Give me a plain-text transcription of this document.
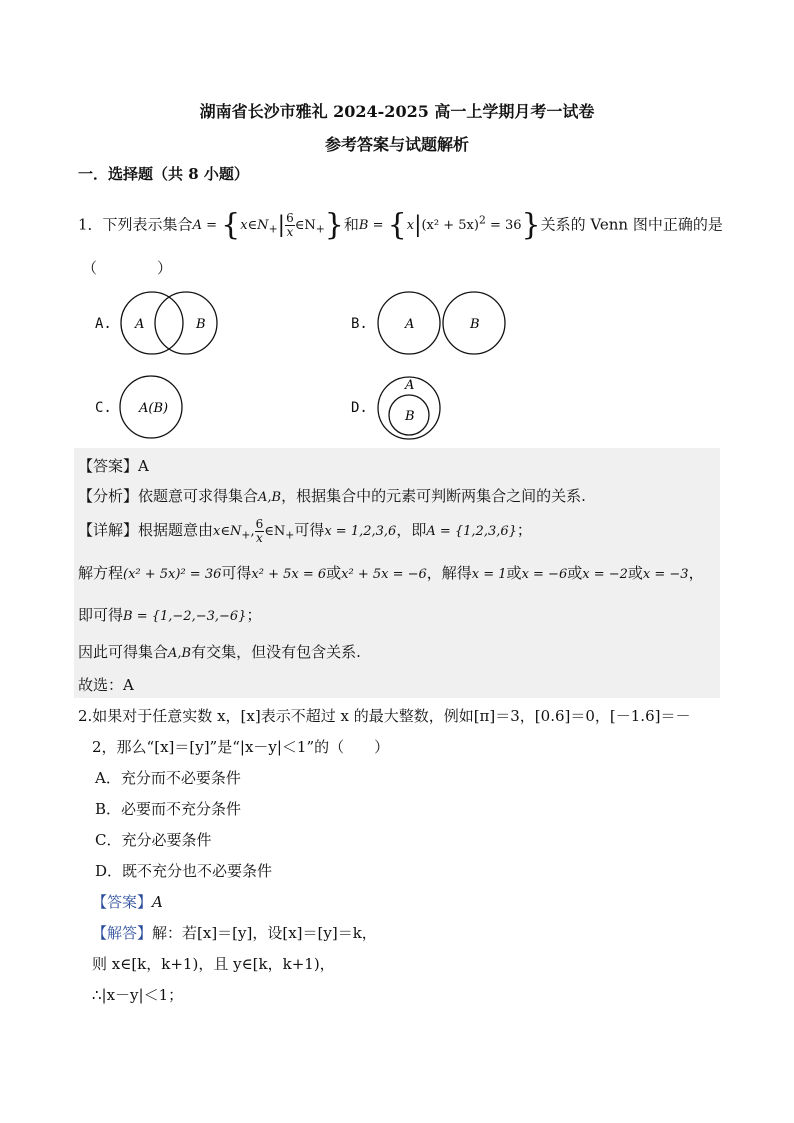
湖南省长沙市雅礼 2024-2025 高一上学期月考一试卷
参考答案与试题解析
一．选择题（共 8 小题）
1．下列表示集合$A = \{x\in N_+| \frac{6}{x}$ $\in N_+$}和$B = \{x|(x^2 + 5x)^2 = 36\}$关系的 Venn 图中正确的是
（　　　　）
A. A	B	B.	A	B
C. A(B)	D.
A
B
【答案】A
【分析】依题意可求得集合A,B，根据集合中的元素可判断两集合之间的关系.
【详解】根据题意由$x\in N_+$, $\frac{6}{x}$ $\in N_+$可得x = 1,2,3,6，即A = {1,2,3,6}；
解方程(x² + 5x)² = 36可得x² + 5x = 6或x² + 5x = −6，解得x = 1或x = −6或x = −2或x = −3，
即可得B = {1,−2,−3,−6}；
因此可得集合A,B有交集，但没有包含关系.
故选：A
2.如果对于任意实数 x，[x]表示不超过 x 的最大整数，例如[π]＝3，[0.6]＝0，[－1.6]＝－
2，那么“[x]＝[y]”是“|x－y|＜1”的（　　）
A．充分而不必要条件
B．必要而不充分条件
C．充分必要条件
D．既不充分也不必要条件
【答案】A
【解答】解：若[x]＝[y]，设[x]＝[y]＝k，
则 x∈[k，k+1)，且 y∈[k，k+1)，
∴|x－y|＜1；
